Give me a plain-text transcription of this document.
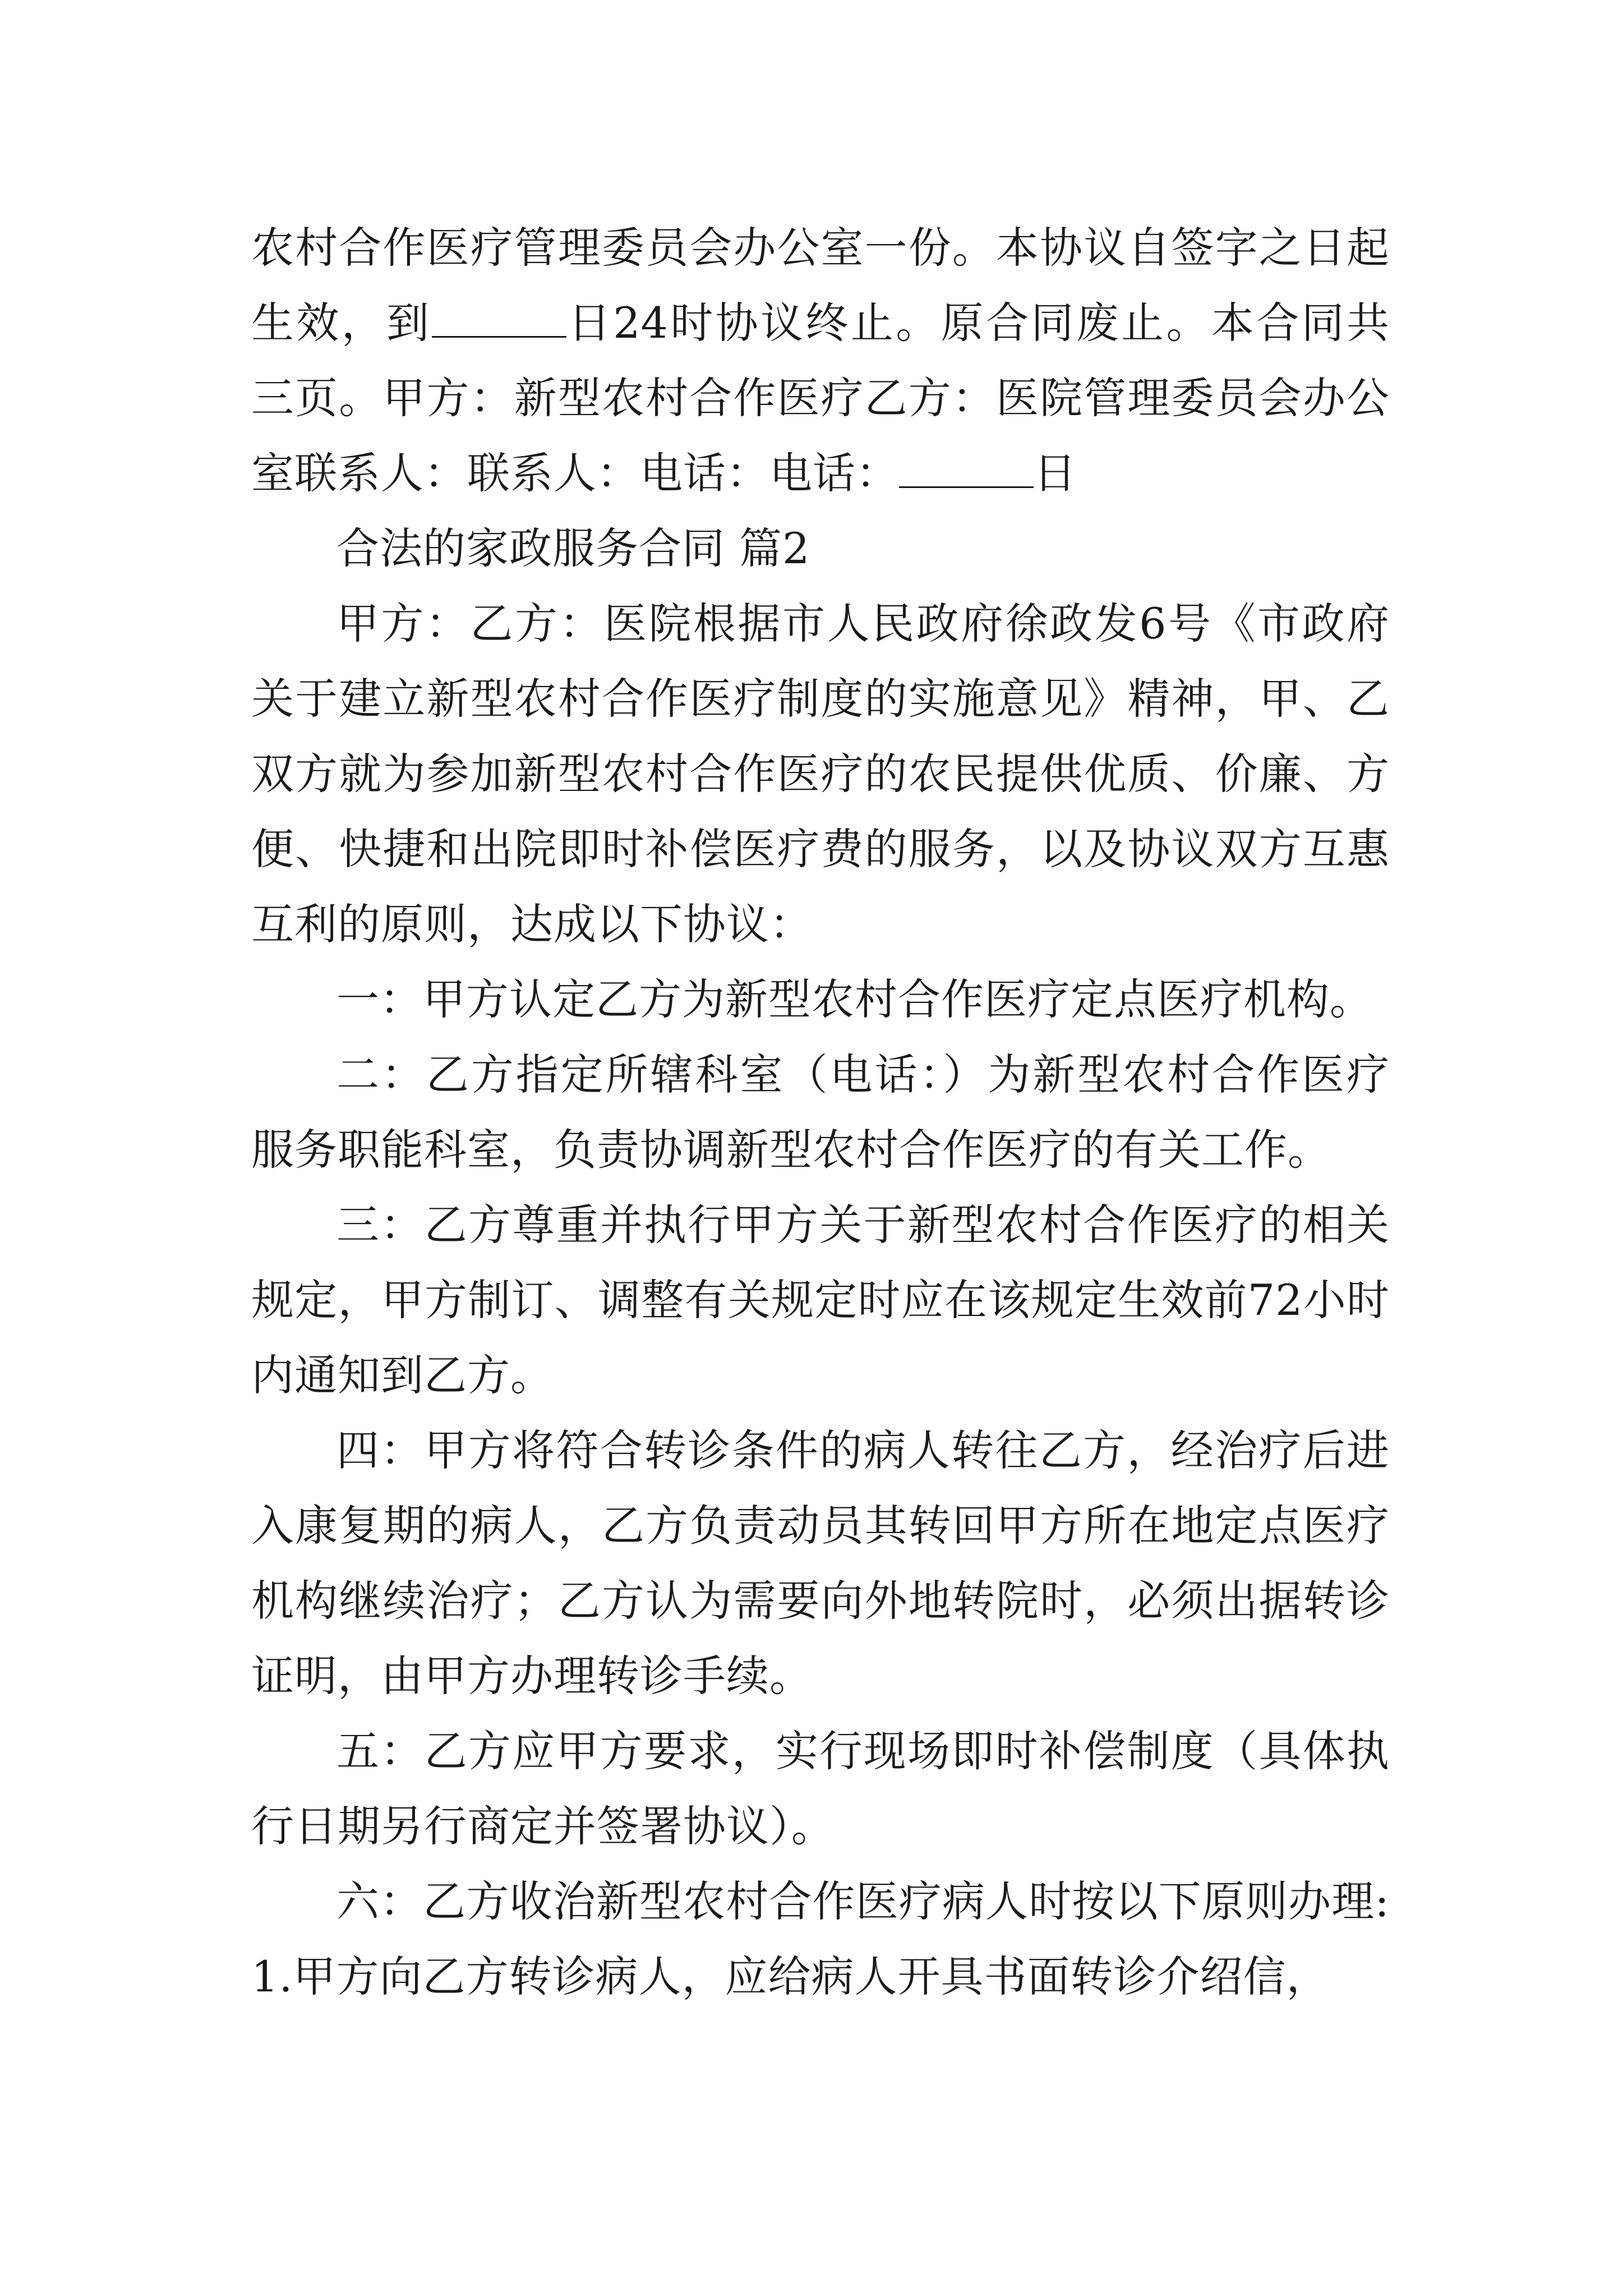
农村合作医疗管理委员会办公室一份。本协议自签字之日起生效，到	日24时协议终止。原合同废止。本合同共三页。甲方：新型农村合作医疗乙方：医院管理委员会办公室联系人：联系人：电话：电话：	日

合法的家政服务合同 篇2

甲方：乙方：医院根据市人民政府徐政发6号《市政府关于建立新型农村合作医疗制度的实施意见》精神，甲、乙双方就为参加新型农村合作医疗的农民提供优质、价廉、方便、快捷和出院即时补偿医疗费的服务，以及协议双方互惠互利的原则，达成以下协议：

一：甲方认定乙方为新型农村合作医疗定点医疗机构。

二：乙方指定所辖科室（电话：）为新型农村合作医疗服务职能科室，负责协调新型农村合作医疗的有关工作。

三：乙方尊重并执行甲方关于新型农村合作医疗的相关规定，甲方制订、调整有关规定时应在该规定生效前72小时内通知到乙方。

四：甲方将符合转诊条件的病人转往乙方，经治疗后进入康复期的病人，乙方负责动员其转回甲方所在地定点医疗机构继续治疗；乙方认为需要向外地转院时，必须出据转诊证明，由甲方办理转诊手续。

五：乙方应甲方要求，实行现场即时补偿制度（具体执行日期另行商定并签署协议）。

六：乙方收治新型农村合作医疗病人时按以下原则办理:1.甲方向乙方转诊病人，应给病人开具书面转诊介绍信，
